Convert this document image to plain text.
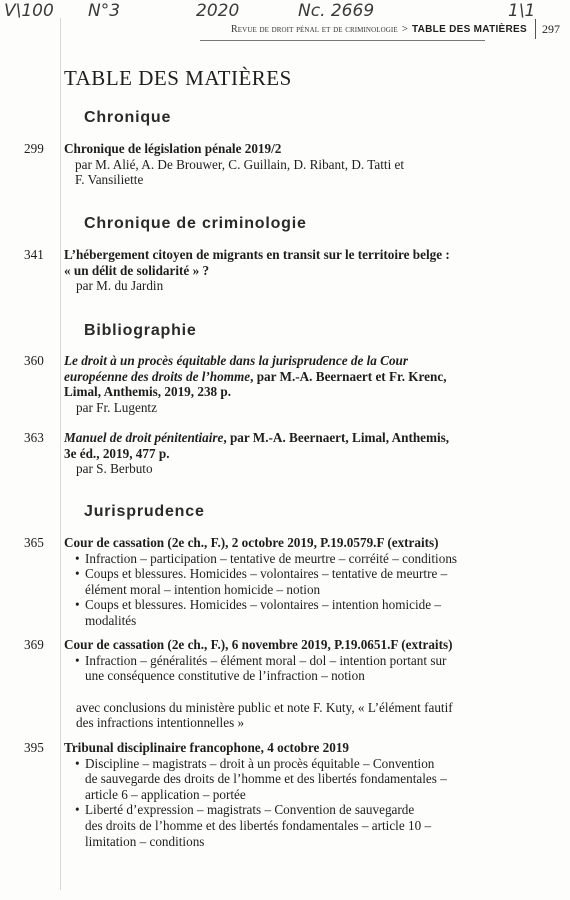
V\100 N°3	2020	Nc. 2669	1\1
Revue de droit pénal et de criminologie > TABLE DES MATIÈRES 297
TABLE DES MATIÈRES
Chronique
299 Chronique de législation pénale 2019/2
par M. Alié, A. De Brouwer, C. Guillain, D. Ribant, D. Tatti et
F. Vansiliette
Chronique de criminologie
341 L’hébergement citoyen de migrants en transit sur le territoire belge :
« un délit de solidarité » ?
par M. du Jardin
Bibliographie
360 Le droit à un procès équitable dans la jurisprudence de la Cour
européenne des droits de l’homme, par M.-A. Beernaert et Fr. Krenc,
Limal, Anthemis, 2019, 238 p.
par Fr. Lugentz
363 Manuel de droit pénitentiaire, par M.-A. Beernaert, Limal, Anthemis,
3e éd., 2019, 477 p.
par S. Berbuto
Jurisprudence
365 Cour de cassation (2e ch., F.), 2 octobre 2019, P.19.0579.F (extraits)
• Infraction – participation – tentative de meurtre – corréité – conditions
• Coups et blessures. Homicides – volontaires – tentative de meurtre –
élément moral – intention homicide – notion
• Coups et blessures. Homicides – volontaires – intention homicide –
modalités
369 Cour de cassation (2e ch., F.), 6 novembre 2019, P.19.0651.F (extraits)
• Infraction – généralités – élément moral – dol – intention portant sur
une conséquence constitutive de l’infraction – notion
avec conclusions du ministère public et note F. Kuty, « L’élément fautif
des infractions intentionnelles »
395 Tribunal disciplinaire francophone, 4 octobre 2019
• Discipline – magistrats – droit à un procès équitable – Convention
de sauvegarde des droits de l’homme et des libertés fondamentales –
article 6 – application – portée
• Liberté d’expression – magistrats – Convention de sauvegarde
des droits de l’homme et des libertés fondamentales – article 10 –
limitation – conditions
